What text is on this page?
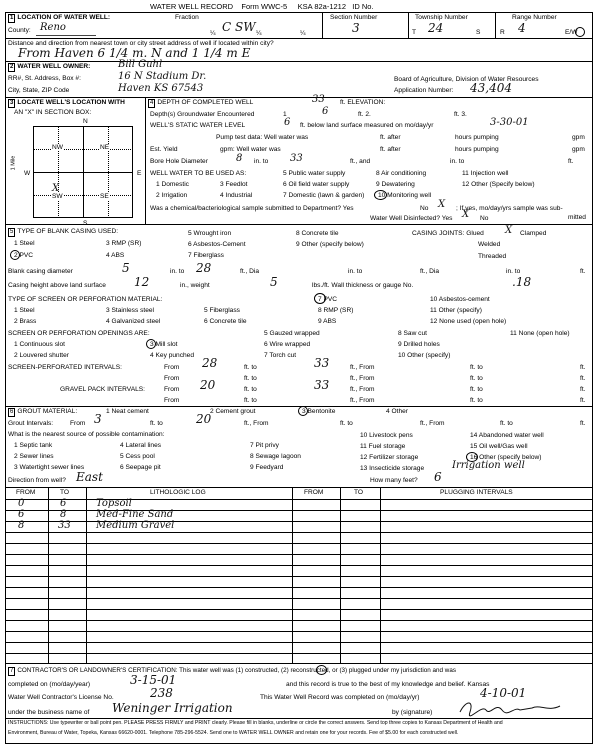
WATER WELL RECORD Form WWC-5 KSA 82a-1212 ID No.
1 LOCATION OF WATER WELL:
County: Reno
Fraction
C SW
¼	¼	¼
Section Number
3
Township Number
T 24	S
Range Number
R 4	E/W
Distance and direction from nearest town or city street address of well if located within city?
From Haven 6 1/4 m. N and 1 1/4 m E
2 WATER WELL OWNER:	Bill Guhl
RR#, St. Address, Box #:	16 N Stadium Dr.
City, State, ZIP Code	Haven KS 67543
Board of Agriculture, Division of Water Resources
Application Number: 43,404
3 LOCATE WELL'S LOCATION WITH
AN "X" IN SECTION BOX:
N
S
W	E
1 Mile
NW	NE
SW	SE
X
4 DEPTH OF COMPLETED WELL	33 ft. ELEVATION:
Depth(s) Groundwater Encountered	1	6	ft. 2.	ft. 3.
WELL'S STATIC WATER LEVEL	6 ft. below land surface measured on mo/day/yr	3-30-01
Pump test data: Well water was	ft. after	hours pumping	gpm
Est. Yield	gpm: Well water was	ft. after	hours pumping	gpm
Bore Hole Diameter	8 in. to 33	ft., and	in. to	ft.
WELL WATER TO BE USED AS:	5 Public water supply	8 Air conditioning	11 Injection well
1 Domestic	3 Feedlot	6 Oil field water supply	9 Dewatering	12 Other (Specify below)
2 Irrigation	4 Industrial	7 Domestic (lawn & garden) 10 Monitoring well
Was a chemical/bacteriological sample submitted to Department? Yes	No X ; If yes, mo/day/yrs sample was sub-
mitted
Water Well Disinfected? Yes X No
5 TYPE OF BLANK CASING USED:
1 Steel
2 PVC
3 RMP (SR)
4 ABS
5 Wrought iron
6 Asbestos-Cement
7 Fiberglass
8 Concrete tile
9 Other (specify below)
CASING JOINTS: Glued X Clamped
Welded
Threaded
Blank casing diameter	5	in. to 28	ft., Dia	in. to	ft., Dia	in. to	ft.
Casing height above land surface 12	in., weight	5	lbs./ft. Wall thickness or gauge No.	.18
TYPE OF SCREEN OR PERFORATION MATERIAL:
1 Steel
2 Brass
3 Stainless steel
4 Galvanized steel
5 Fiberglass
6 Concrete tile
7 PVC
8 RMP (SR)
9 ABS
10 Asbestos-cement
11 Other (specify)
12 None used (open hole)
SCREEN OR PERFORATION OPENINGS ARE:
1 Continuous slot
2 Louvered shutter
3 Mill slot
4 Key punched
5 Gauzed wrapped
6 Wire wrapped
7 Torch cut
8 Saw cut
9 Drilled holes
10 Other (specify)
11 None (open hole)
SCREEN-PERFORATED INTERVALS:	From 28	ft. to	33	ft., From	ft. to	ft.
From	ft. to	ft., From	ft. to	ft.
GRAVEL PACK INTERVALS:	From 20	ft. to	33	ft., From	ft. to	ft.
From	ft. to	ft., From	ft. to	ft.
6 GROUT MATERIAL:	1 Neat cement	2 Cement grout	3 Bentonite	4 Other
Grout Intervals:	From 3	ft. to	20	ft., From	ft. to	ft., From	ft. to	ft.
What is the nearest source of possible contamination:
1 Septic tank	4 Lateral lines	7 Pit privy
10 Livestock pens	14 Abandoned water well
2 Sewer lines	5 Cess pool	8 Sewage lagoon
11 Fuel storage	15 Oil well/Gas well
3 Watertight sewer lines	6 Seepage pit	9 Feedyard
12 Fertilizer storage	16 Other (specify below)
13 Insecticide storage	Irrigation well
Direction from well? East	How many feet? 6
FROM	TO	LITHOLOGIC LOG	FROM	TO	PLUGGING INTERVALS
0	6	Topsoil
6	8	Med-Fine Sand
8	33	Medium Gravel
7 CONTRACTOR'S OR LANDOWNER'S CERTIFICATION: This water well was (1) constructed, (2) reconstructed, or (3) plugged under my jurisdiction and was
completed on (mo/day/year)	3-15-01	and this record is true to the best of my knowledge and belief. Kansas
Water Well Contractor's License No.	238	This Water Well Record was completed on (mo/day/yr)	4-10-01
under the business name of Weninger Irrigation	by (signature)
INSTRUCTIONS: Use typewriter or ball point pen. PLEASE PRESS FIRMLY and PRINT clearly. Please fill in blanks, underline or circle the correct answers. Send top three copies to Kansas Department of Health and
Environment, Bureau of Water, Topeka, Kansas 66620-0001. Telephone 785-296-5524. Send one to WATER WELL OWNER and retain one for your records. Fee of $5.00 for each constructed well.
